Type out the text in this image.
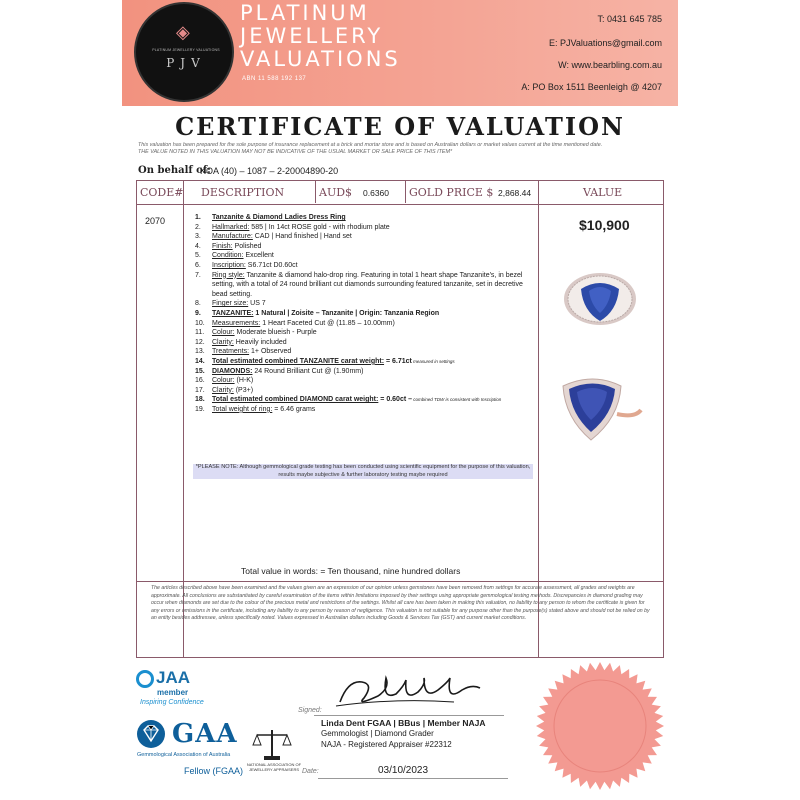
◈
PLATINUM JEWELLERY VALUATIONS
PJV
PLATINUM
JEWELLERY
VALUATIONS
ABN 11 588 192 137
T: 0431 645 785
E: PJValuations@gmail.com
W: www.bearbling.com.au
A: PO Box 1511 Beenleigh @ 4207
CERTIFICATE OF VALUATION
This valuation has been prepared for the sole purpose of insurance replacement at a brick and mortar store and is based on Australian dollars or market values current at the time mentioned date.
THE VALUE NOTED IN THIS VALUATION MAY NOT BE INDICATIVE OF THE USUAL MARKET OR SALE PRICE OF THIS ITEM*
On behalf of:
KOA (40) – 1087 – 2-20004890-20
CODE# DESCRIPTION	AUD$ 0.6360 GOLD PRICE $ 2,868.44	VALUE
2070	$10,900
1.	Tanzanite & Diamond Ladies Dress Ring
2.	Hallmarked: 585 | In 14ct ROSE gold - with rhodium plate
3.	Manufacture: CAD | Hand finished | Hand set
4.	Finish: Polished
5.	Condition: Excellent
6.	Inscription: S6.71ct D0.60ct
7.	Ring style: Tanzanite & diamond halo-drop ring. Featuring in total 1 heart shape Tanzanite's, in bezel setting, with a total of 24 round brilliant cut diamonds surrounding featured tanzanite, set in decretive bead setting.
8.	Finger size: US 7
9.	TANZANITE: 1 Natural | Zoisite – Tanzanite | Origin: Tanzania Region
10.	Measurements: 1 Heart Faceted Cut @ (11.85 – 10.00mm)
11.	Colour: Moderate blueish - Purple
12.	Clarity: Heavily included
13.	Treatments: 1+ Observed
14.	Total estimated combined TANZANITE carat weight: = 6.71ct measured in settings
15.	DIAMONDS: 24 Round Brilliant Cut @ (1.90mm)
16.	Colour: (H-K)
17.	Clarity: (P3+)
18.	Total estimated combined DIAMOND carat weight: = 0.60ct – combined TDW is consistent with Inscription
19.	Total weight of ring: = 6.46 grams
*PLEASE NOTE: Although gemmological grade testing has been conducted using scientific equipment for the purpose of this valuation, results maybe subjective & further laboratory testing maybe required
Total value in words: = Ten thousand, nine hundred dollars
The articles described above have been examined and the values given are an expression of our opinion unless gemstones have been removed from settings for accurate assessment, all grades and weights are approximate. All conclusions are substantiated by careful examination of the items within limitations imposed by their settings using appropriate gemmological testing methods. Discrepancies in diamond grading may occur when diamonds are set due to the colour of the precious metal and restrictions of the settings. Whilst all care has been taken in making this valuation, no liability to any person to whom the certificate is given for any errors or omissions in the certificate, including any liability to any person by reason of negligence. This valuation is not suitable for any purpose other than the purpose(s) stated above and should not be relied on by an entity besides addressee, unless specifically noted. Values expressed in Australian dollars including Goods & Services Tax (GST) and current market conditions.
JAA
member
Inspiring Confidence
GAA
Gemmological Association of Australia
Fellow (FGAA)
NATIONAL ASSOCIATION OF JEWELLERY APPRAISERS
Signed:
Linda Dent FGAA | BBus | Member NAJA
Gemmologist | Diamond Grader
NAJA - Registered Appraiser #22312
Date:	03/10/2023
